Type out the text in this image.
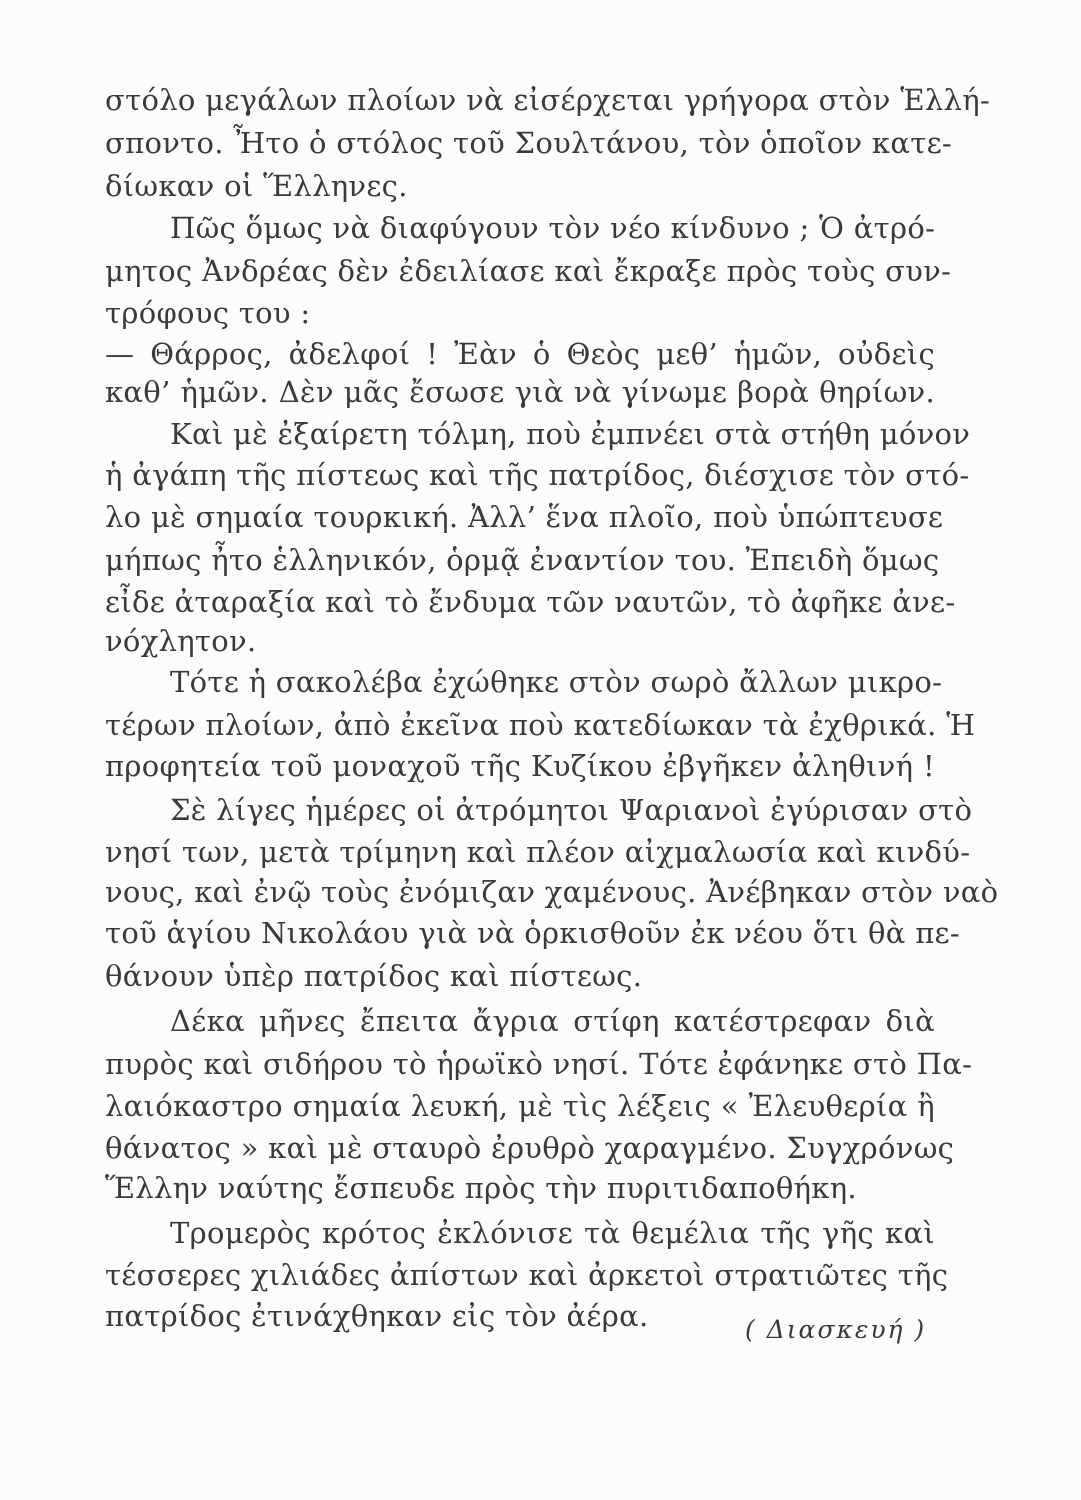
στόλο μεγάλων πλοίων νὰ εἰσέρχεται γρήγορα στὸν Ἑλλή-
σποντο. Ἦτο ὁ στόλος τοῦ Σουλτάνου, τὸν ὁποῖον κατε-
δίωκαν οἱ Ἕλληνες.
Πῶς ὅμως νὰ διαφύγουν τὸν νέο κίνδυνο ; Ὁ ἀτρό-
μητος Ἀνδρέας δὲν ἐδειλίασε καὶ ἔκραξε πρὸς τοὺς συν-
τρόφους του :
— Θάρρος, ἀδελφοί ! Ἐὰν ὁ Θεὸς μεθ’ ἡμῶν, οὐδεὶς
καθ’ ἡμῶν. Δὲν μᾶς ἔσωσε γιὰ νὰ γίνωμε βορὰ θηρίων.
Καὶ μὲ ἐξαίρετη τόλμη, ποὺ ἐμπνέει στὰ στήθη μόνον
ἡ ἀγάπη τῆς πίστεως καὶ τῆς πατρίδος, διέσχισε τὸν στό-
λο μὲ σημαία τουρκική. Ἀλλ’ ἕνα πλοῖο, ποὺ ὑπώπτευσε
μήπως ἦτο ἑλληνικόν, ὁρμᾷ ἐναντίον του. Ἐπειδὴ ὅμως
εἶδε ἀταραξία καὶ τὸ ἔνδυμα τῶν ναυτῶν, τὸ ἀφῆκε ἀνε-
νόχλητον.
Τότε ἡ σακολέβα ἐχώθηκε στὸν σωρὸ ἄλλων μικρο-
τέρων πλοίων, ἀπὸ ἐκεῖνα ποὺ κατεδίωκαν τὰ ἐχθρικά. Ἡ
προφητεία τοῦ μοναχοῦ τῆς Κυζίκου ἐβγῆκεν ἀληθινή !
Σὲ λίγες ἡμέρες οἱ ἀτρόμητοι Ψαριανοὶ ἐγύρισαν στὸ
νησί των, μετὰ τρίμηνη καὶ πλέον αἰχμαλωσία καὶ κινδύ-
νους, καὶ ἐνῷ τοὺς ἐνόμιζαν χαμένους. Ἀνέβηκαν στὸν ναὸ
τοῦ ἁγίου Νικολάου γιὰ νὰ ὁρκισθοῦν ἐκ νέου ὅτι θὰ πε-
θάνουν ὑπὲρ πατρίδος καὶ πίστεως.
Δέκα μῆνες ἔπειτα ἄγρια στίφη κατέστρεφαν διὰ
πυρὸς καὶ σιδήρου τὸ ἡρωϊκὸ νησί. Τότε ἐφάνηκε στὸ Πα-
λαιόκαστρο σημαία λευκή, μὲ τὶς λέξεις « Ἐλευθερία ἢ
θάνατος » καὶ μὲ σταυρὸ ἐρυθρὸ χαραγμένο. Συγχρόνως
Ἕλλην ναύτης ἔσπευδε πρὸς τὴν πυριτιδαποθήκη.
Τρομερὸς κρότος ἐκλόνισε τὰ θεμέλια τῆς γῆς καὶ
τέσσερες χιλιάδες ἀπίστων καὶ ἀρκετοὶ στρατιῶτες τῆς
πατρίδος ἐτινάχθηκαν εἰς τὸν ἀέρα.	( Διασκευή )
